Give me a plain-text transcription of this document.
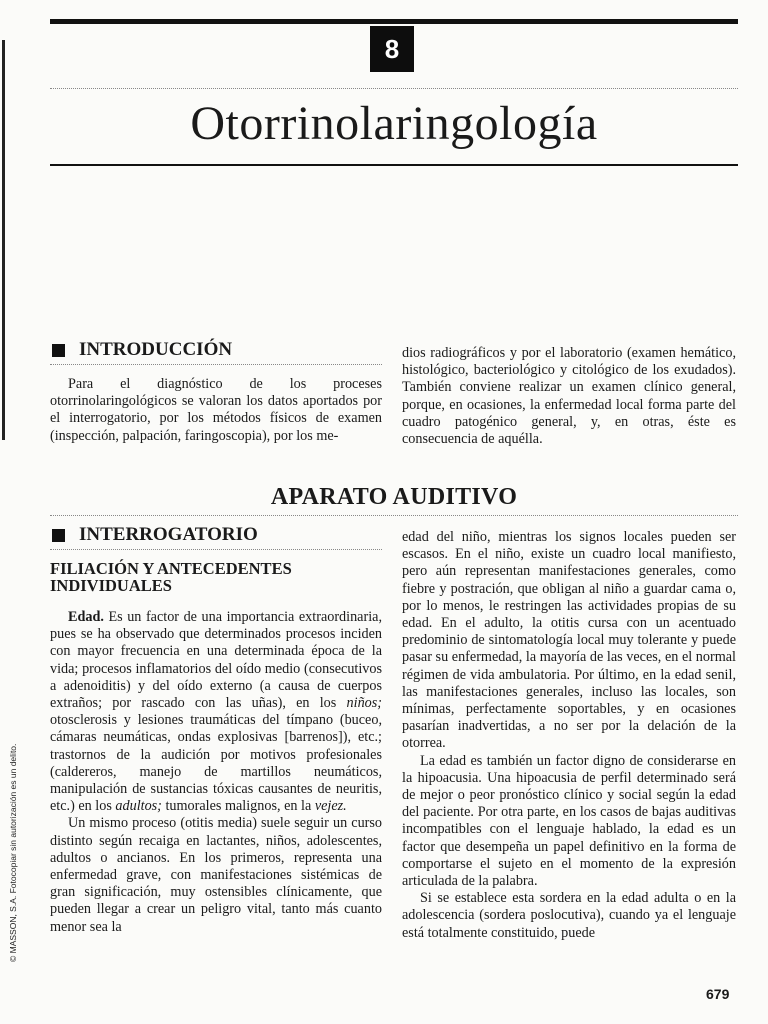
8
Otorrinolaringología
INTRODUCCIÓN

Para el diagnóstico de los proceses otorrinolaringológicos se valoran los datos aportados por el interrogatorio, por los métodos físicos de examen (inspección, palpación, faringoscopia), por los me-

dios radiográficos y por el laboratorio (examen hemático, histológico, bacteriológico y citológico de los exudados). También conviene realizar un examen clínico general, porque, en ocasiones, la enfermedad local forma parte del cuadro patogénico general, y, en otras, éste es consecuencia de aquélla.

APARATO AUDITIVO
INTERROGATORIO
FILIACIÓN Y ANTECEDENTES INDIVIDUALES

Edad. Es un factor de una importancia extraordinaria, pues se ha observado que determinados procesos inciden con mayor frecuencia en una determinada época de la vida; procesos inflamatorios del oído medio (consecutivos a adenoiditis) y del oído externo (a causa de cuerpos extraños; por rascado con las uñas), en los niños; otosclerosis y lesiones traumáticas del tímpano (buceo, cámaras neumáticas, ondas explosivas [barrenos]), etc.; trastornos de la audición por motivos profesionales (caldereros, manejo de martillos neumáticos, manipulación de sustancias tóxicas causantes de neuritis, etc.) en los adultos; tumorales malignos, en la vejez.

Un mismo proceso (otitis media) suele seguir un curso distinto según recaiga en lactantes, niños, adolescentes, adultos o ancianos. En los primeros, representa una enfermedad grave, con manifestaciones sistémicas de gran significación, muy ostensibles clínicamente, que pueden llegar a crear un peligro vital, tanto más cuanto menor sea la

edad del niño, mientras los signos locales pueden ser escasos. En el niño, existe un cuadro local manifiesto, pero aún representan manifestaciones generales, como fiebre y postración, que obligan al niño a guardar cama o, por lo menos, le restringen las actividades propias de su edad. En el adulto, la otitis cursa con un acentuado predominio de sintomatología local muy tolerante y puede pasar su enfermedad, la mayoría de las veces, en el normal régimen de vida ambulatoria. Por último, en la edad senil, las manifestaciones generales, incluso las locales, son mínimas, perfectamente soportables, y en ocasiones pasarían inadvertidas, a no ser por la delación de la otorrea.

La edad es también un factor digno de considerarse en la hipoacusia. Una hipoacusia de perfil determinado será de mejor o peor pronóstico clínico y social según la edad del paciente. Por otra parte, en los casos de bajas auditivas incompatibles con el lenguaje hablado, la edad es un factor que desempeña un papel definitivo en la forma de comportarse el sujeto en el momento de la expresión articulada de la palabra.

Si se establece esta sordera en la edad adulta o en la adolescencia (sordera poslocutiva), cuando ya el lenguaje está totalmente constituido, puede

© MASSON, S.A. Fotocopiar sin autorización es un delito.
679
